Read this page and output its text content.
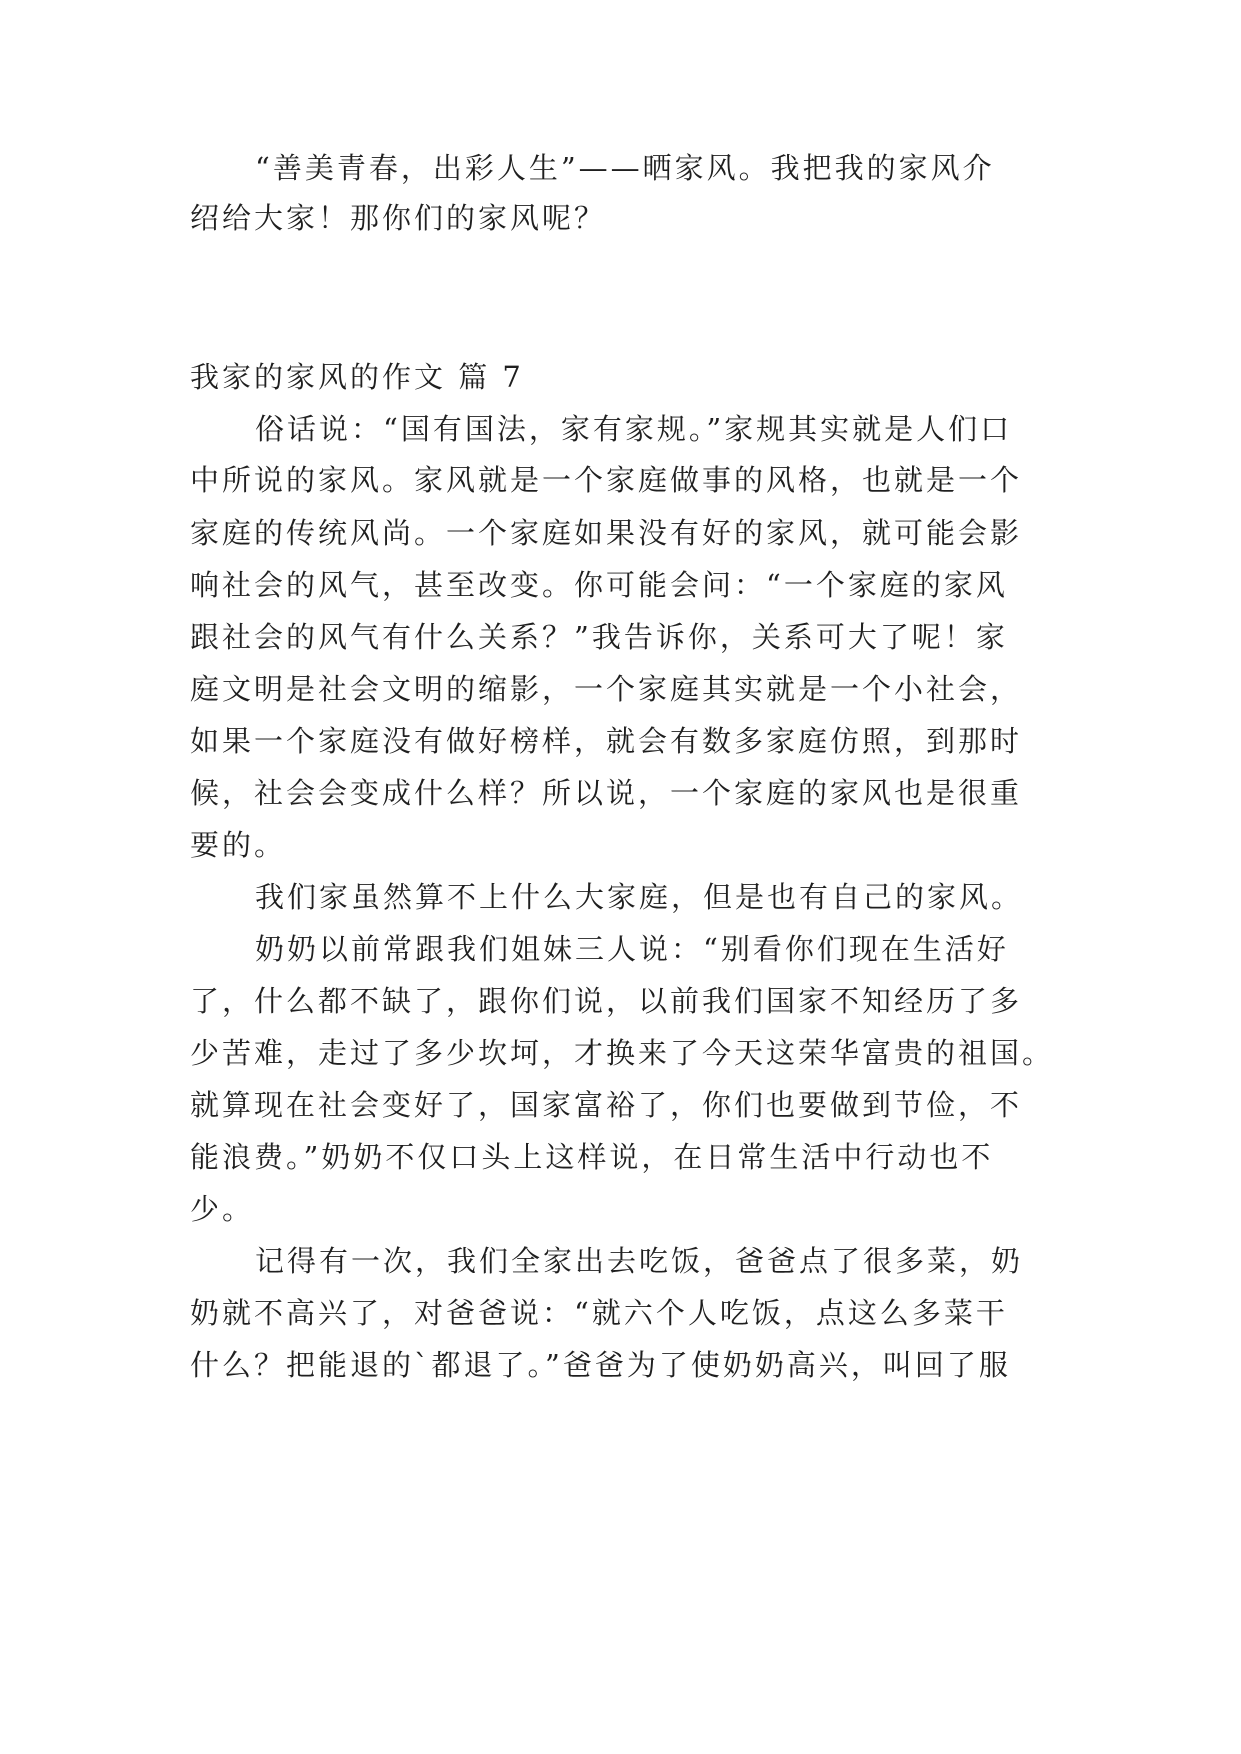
“善美青春，出彩人生”——晒家风。我把我的家风介
绍给大家！那你们的家风呢？
我家的家风的作文 篇 7
俗话说：“国有国法，家有家规。”家规其实就是人们口
中所说的家风。家风就是一个家庭做事的风格，也就是一个
家庭的传统风尚。一个家庭如果没有好的家风，就可能会影
响社会的风气，甚至改变。你可能会问：“一个家庭的家风
跟社会的风气有什么关系？”我告诉你，关系可大了呢！家
庭文明是社会文明的缩影，一个家庭其实就是一个小社会，
如果一个家庭没有做好榜样，就会有数多家庭仿照，到那时
候，社会会变成什么样？所以说，一个家庭的家风也是很重
要的。
我们家虽然算不上什么大家庭，但是也有自己的家风。
奶奶以前常跟我们姐妹三人说：“别看你们现在生活好
了，什么都不缺了，跟你们说，以前我们国家不知经历了多
少苦难，走过了多少坎坷，才换来了今天这荣华富贵的祖国。
就算现在社会变好了，国家富裕了，你们也要做到节俭，不
能浪费。”奶奶不仅口头上这样说，在日常生活中行动也不
少。
记得有一次，我们全家出去吃饭，爸爸点了很多菜，奶
奶就不高兴了，对爸爸说：“就六个人吃饭，点这么多菜干
什么？把能退的`都退了。”爸爸为了使奶奶高兴，叫回了服
